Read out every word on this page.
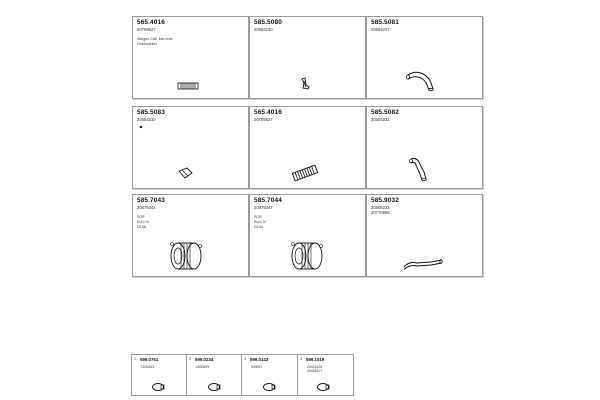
565.4016
20709627
Steigen Cab, kan enel
Gebäudeker
585.5080
20584230
585.5081
20584237
585.5083
20584230
565.4016
20709627
585.5082
20584231
585.7043
20879344
SCR
Euro IV
D13A
585.7044
20979347
SCR
Euro IV
D13A
585.9032
20868222
20770856
1 599.0761
1533153
2 599.0234
1533409
3 599.0143
533037
4 599.1019
20424426
20462417
